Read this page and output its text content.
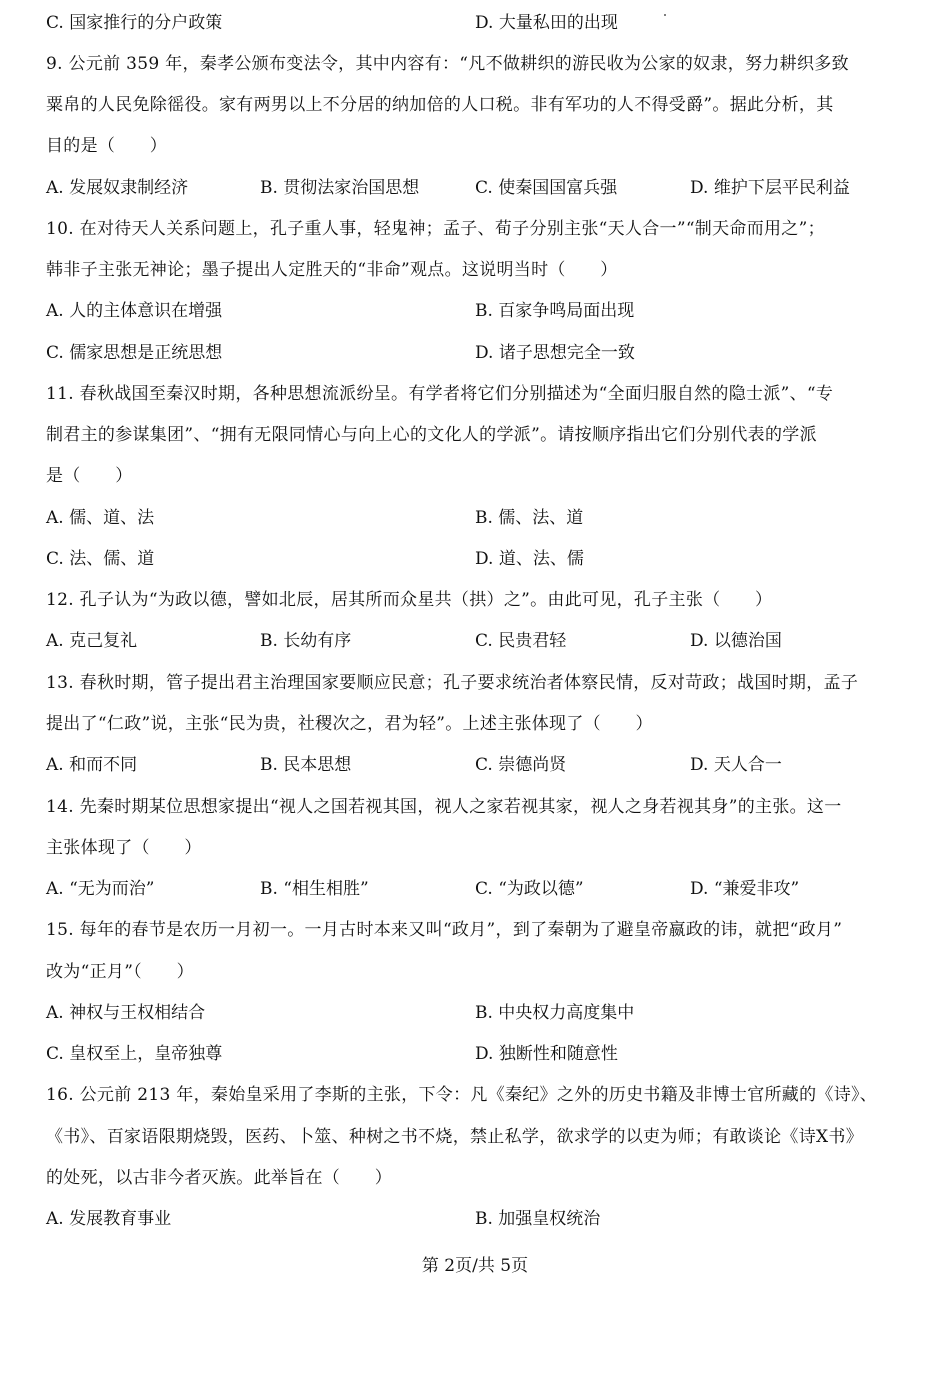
C. 国家推行的分户政策	D. 大量私田的出现
9. 公元前 359 年，秦孝公颁布变法令，其中内容有：“凡不做耕织的游民收为公家的奴隶，努力耕织多致
粟帛的人民免除徭役。家有两男以上不分居的纳加倍的人口税。非有军功的人不得受爵”。据此分析，其
目的是（　　）
A. 发展奴隶制经济	B. 贯彻法家治国思想	C. 使秦国国富兵强	D. 维护下层平民利益
10. 在对待天人关系问题上，孔子重人事，轻鬼神；孟子、荀子分别主张“天人合一”“制天命而用之”；
韩非子主张无神论；墨子提出人定胜天的“非命”观点。这说明当时（　　）
A. 人的主体意识在增强	B. 百家争鸣局面出现
C. 儒家思想是正统思想	D. 诸子思想完全一致
11. 春秋战国至秦汉时期，各种思想流派纷呈。有学者将它们分别描述为“全面归服自然的隐士派”、“专
制君主的参谋集团”、“拥有无限同情心与向上心的文化人的学派”。请按顺序指出它们分别代表的学派
是（　　）
A. 儒、道、法	B. 儒、法、道
C. 法、儒、道	D. 道、法、儒
12. 孔子认为“为政以德，譬如北辰，居其所而众星共（拱）之”。由此可见，孔子主张（　　）
A. 克己复礼	B. 长幼有序	C. 民贵君轻	D. 以德治国
13. 春秋时期，管子提出君主治理国家要顺应民意；孔子要求统治者体察民情，反对苛政；战国时期，孟子
提出了“仁政”说，主张“民为贵，社稷次之，君为轻”。上述主张体现了（　　）
A. 和而不同	B. 民本思想	C. 崇德尚贤	D. 天人合一
14. 先秦时期某位思想家提出“视人之国若视其国，视人之家若视其家，视人之身若视其身”的主张。这一
主张体现了（　　）
A. “无为而治”	B. “相生相胜”	C. “为政以德”	D. “兼爱非攻”
15. 每年的春节是农历一月初一。一月古时本来又叫“政月”，到了秦朝为了避皇帝嬴政的讳，就把“政月”
改为“正月”（　　）
A. 神权与王权相结合	B. 中央权力高度集中
C. 皇权至上，皇帝独尊	D. 独断性和随意性
16. 公元前 213 年，秦始皇采用了李斯的主张，下令：凡《秦纪》之外的历史书籍及非博士官所藏的《诗》、
《书》、百家语限期烧毁，医药、卜筮、种树之书不烧，禁止私学，欲求学的以吏为师；有敢谈论《诗Ⅹ书》
的处死，以古非今者灭族。此举旨在（　　）
A. 发展教育事业	B. 加强皇权统治
第 2页/共 5页
